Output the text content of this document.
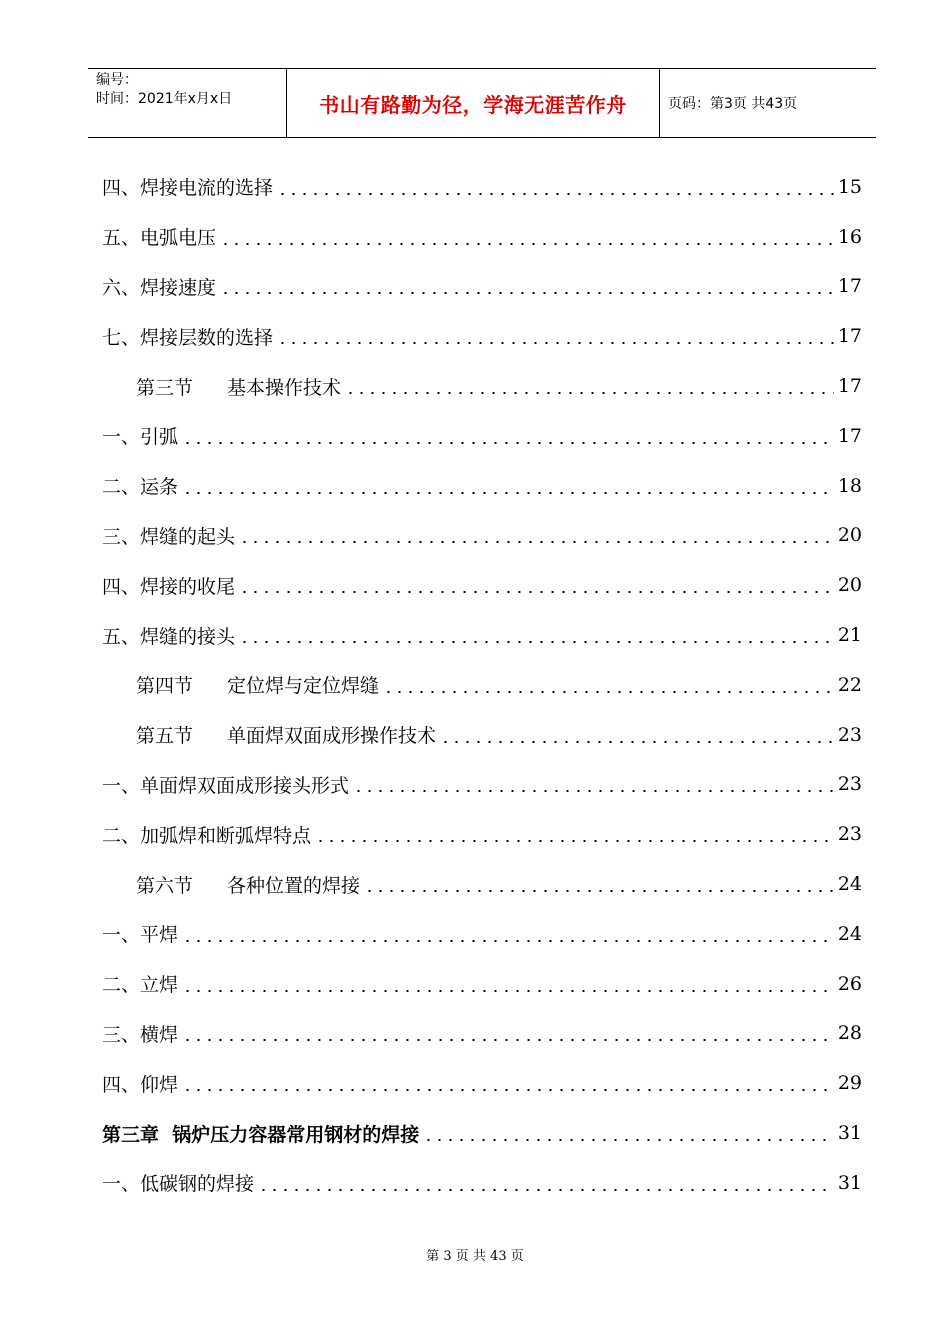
编号：
时间：2021年x月x日	书山有路勤为径，学海无涯苦作舟	页码：第3页 共43页
四、焊接电流的选择	15
五、电弧电压	16
六、焊接速度	17
七、焊接层数的选择	17
第三节 基本操作技术	17
一、引弧	17
二、运条	18
三、焊缝的起头	20
四、焊接的收尾	20
五、焊缝的接头	21
第四节 定位焊与定位焊缝	22
第五节 单面焊双面成形操作技术	23
一、单面焊双面成形接头形式	23
二、加弧焊和断弧焊特点	23
第六节 各种位置的焊接	24
一、平焊	24
二、立焊	26
三、横焊	28
四、仰焊	29
第三章  锅炉压力容器常用钢材的焊接	31
一、低碳钢的焊接	31
第 3 页 共 43 页
